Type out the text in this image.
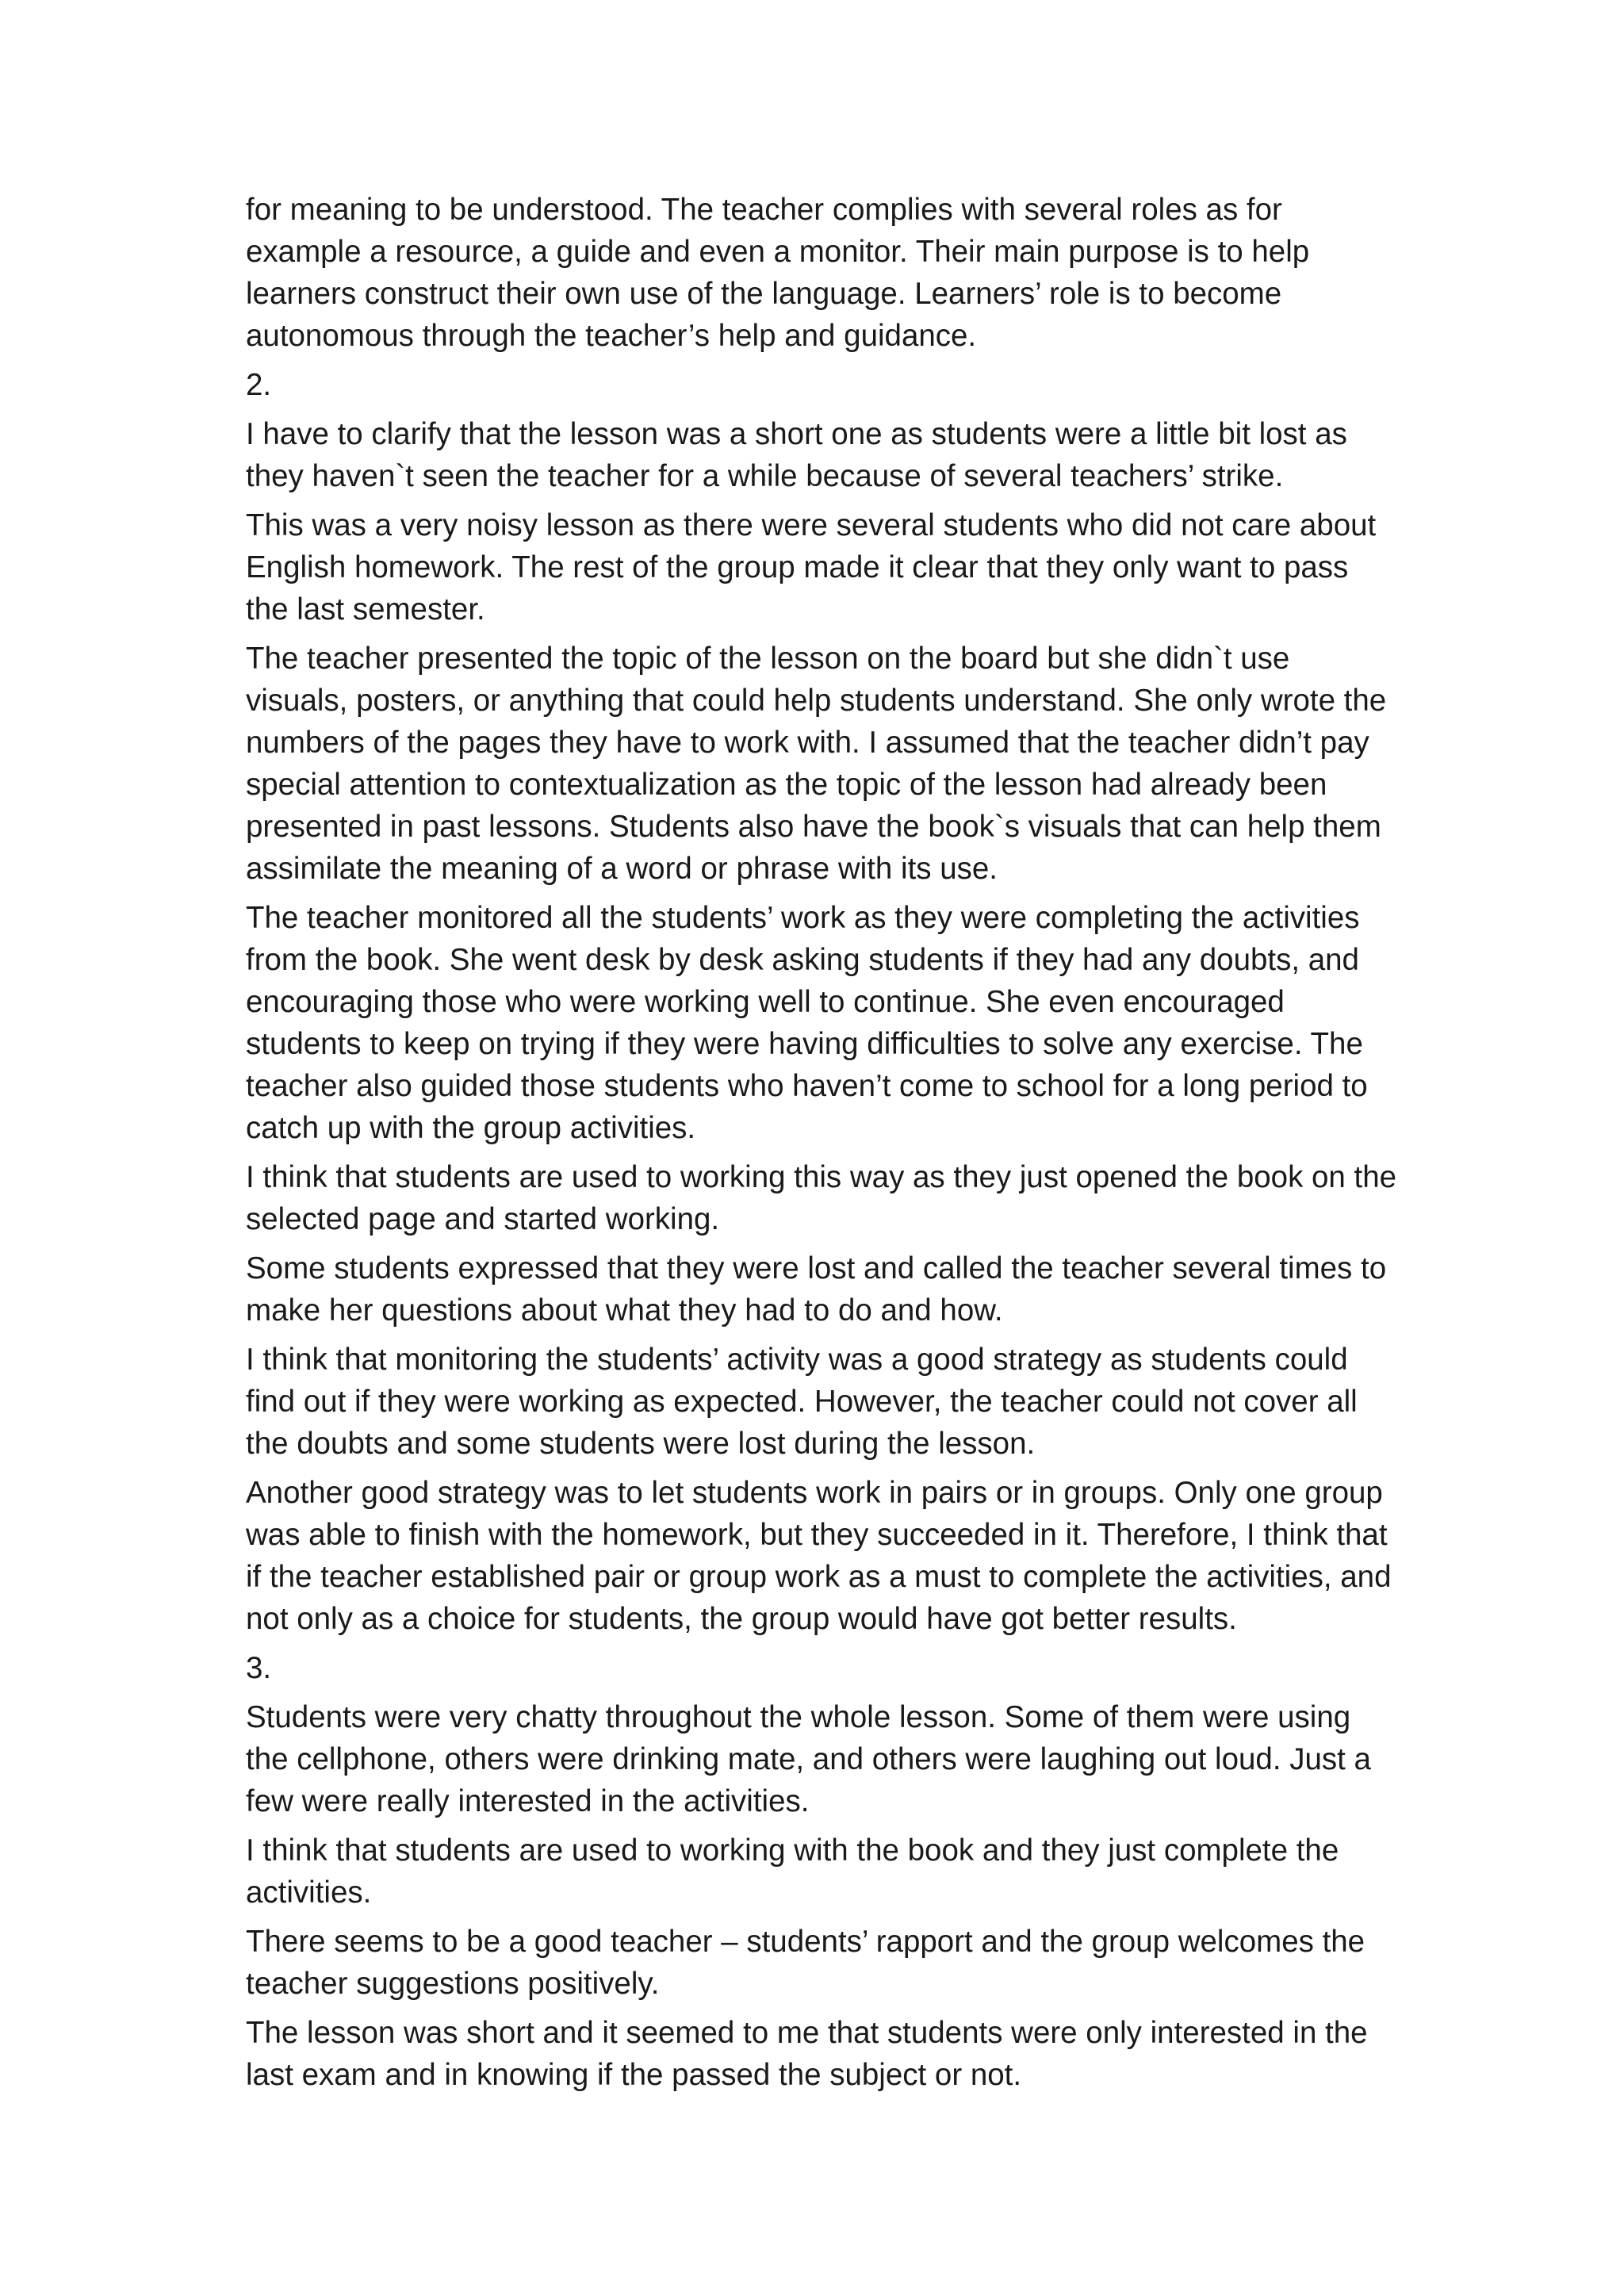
for meaning to be understood. The teacher complies with several roles as for
example a resource, a guide and even a monitor. Their main purpose is to help
learners construct their own use of the language. Learners’ role is to become
autonomous through the teacher’s help and guidance.

2.

I have to clarify that the lesson was a short one as students were a little bit lost as
they haven`t seen the teacher for a while because of several teachers’ strike.

This was a very noisy lesson as there were several students who did not care about
English homework. The rest of the group made it clear that they only want to pass
the last semester.

The teacher presented the topic of the lesson on the board but she didn`t use
visuals, posters, or anything that could help students understand. She only wrote the
numbers of the pages they have to work with. I assumed that the teacher didn’t pay
special attention to contextualization as the topic of the lesson had already been
presented in past lessons. Students also have the book`s visuals that can help them
assimilate the meaning of a word or phrase with its use.

The teacher monitored all the students’ work as they were completing the activities
from the book. She went desk by desk asking students if they had any doubts, and
encouraging those who were working well to continue. She even encouraged
students to keep on trying if they were having difficulties to solve any exercise. The
teacher also guided those students who haven’t come to school for a long period to
catch up with the group activities.

I think that students are used to working this way as they just opened the book on the
selected page and started working.

Some students expressed that they were lost and called the teacher several times to
make her questions about what they had to do and how.

I think that monitoring the students’ activity was a good strategy as students could
find out if they were working as expected. However, the teacher could not cover all
the doubts and some students were lost during the lesson.

Another good strategy was to let students work in pairs or in groups. Only one group
was able to finish with the homework, but they succeeded in it. Therefore, I think that
if the teacher established pair or group work as a must to complete the activities, and
not only as a choice for students, the group would have got better results.

3.

Students were very chatty throughout the whole lesson. Some of them were using
the cellphone, others were drinking mate, and others were laughing out loud. Just a
few were really interested in the activities.

I think that students are used to working with the book and they just complete the
activities.

There seems to be a good teacher – students’ rapport and the group welcomes the
teacher suggestions positively.

The lesson was short and it seemed to me that students were only interested in the
last exam and in knowing if the passed the subject or not.
